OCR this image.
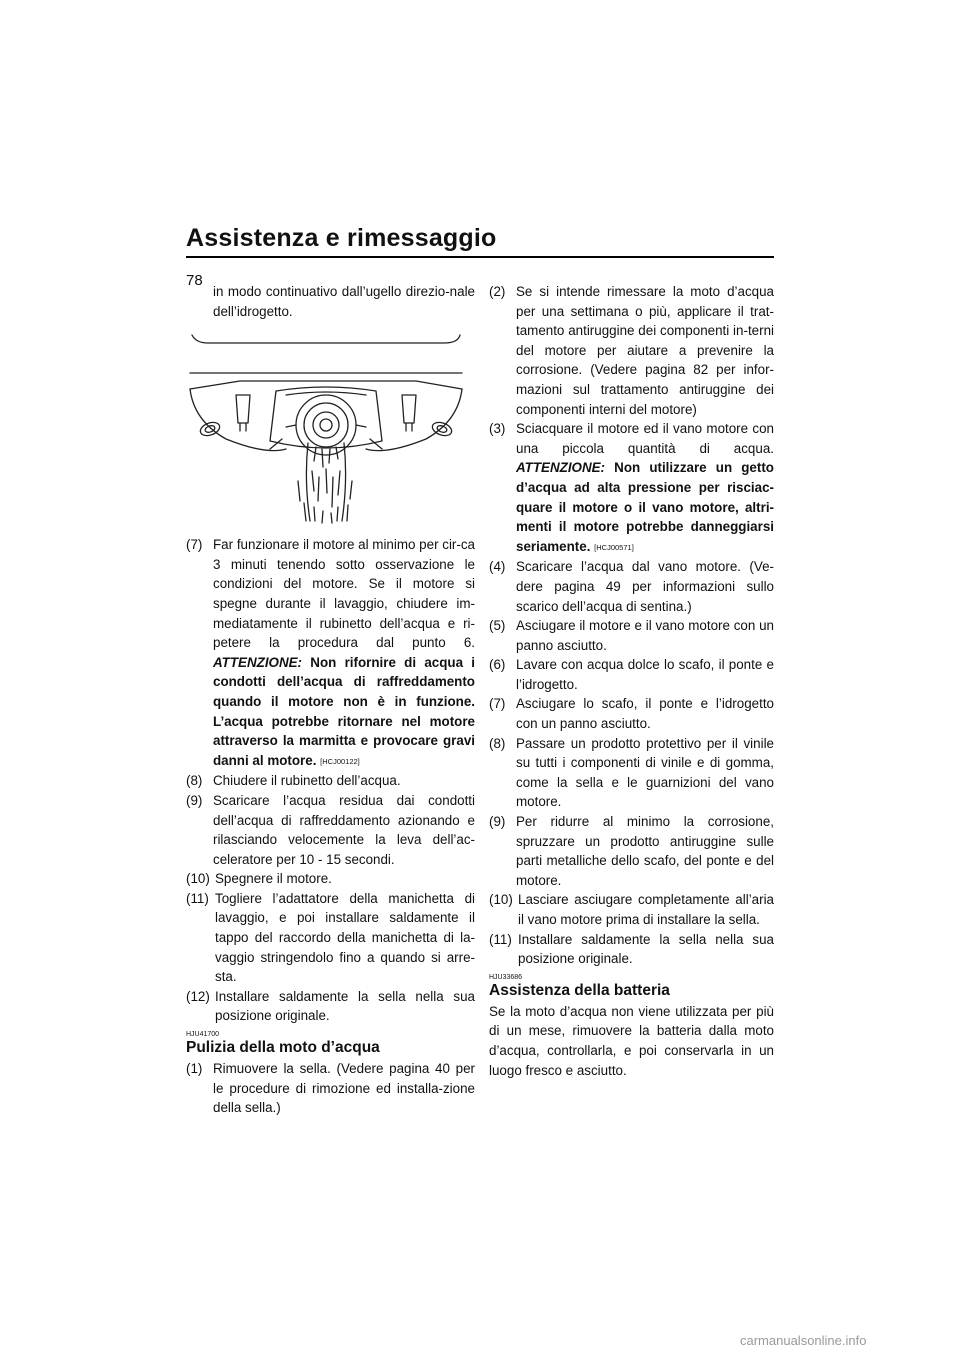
Assistenza e rimessaggio
78

in modo continuativo dall’ugello direzio-nale dell’idrogetto.

(7) Far funzionare il motore al minimo per cir-ca 3 minuti tenendo sotto osservazione le condizioni del motore. Se il motore si spegne durante il lavaggio, chiudere im-mediatamente il rubinetto dell’acqua e ri-petere la procedura dal punto 6. ATTENZIONE: Non rifornire di acqua i condotti dell’acqua di raffreddamento quando il motore non è in funzione. L’acqua potrebbe ritornare nel motore attraverso la marmitta e provocare gravi danni al motore. [HCJ00122]
(8) Chiudere il rubinetto dell’acqua.
(9) Scaricare l’acqua residua dai condotti dell’acqua di raffreddamento azionando e rilasciando velocemente la leva dell’ac-celeratore per 10 - 15 secondi.
(10) Spegnere il motore.
(11) Togliere l’adattatore della manichetta di lavaggio, e poi installare saldamente il tappo del raccordo della manichetta di la-vaggio stringendolo fino a quando si arre-sta.
(12) Installare saldamente la sella nella sua posizione originale.
HJU41700
Pulizia della moto d’acqua
(1) Rimuovere la sella. (Vedere pagina 40 per le procedure di rimozione ed installa-zione della sella.)
(2) Se si intende rimessare la moto d’acqua per una settimana o più, applicare il trat-tamento antiruggine dei componenti in-terni del motore per aiutare a prevenire la corrosione. (Vedere pagina 82 per infor-mazioni sul trattamento antiruggine dei componenti interni del motore)
(3) Sciacquare il motore ed il vano motore con una piccola quantità di acqua. ATTENZIONE: Non utilizzare un getto d’acqua ad alta pressione per risciac-quare il motore o il vano motore, altri-menti il motore potrebbe danneggiarsi seriamente. [HCJ00571]
(4) Scaricare l’acqua dal vano motore. (Ve-dere pagina 49 per informazioni sullo scarico dell’acqua di sentina.)
(5) Asciugare il motore e il vano motore con un panno asciutto.
(6) Lavare con acqua dolce lo scafo, il ponte e l’idrogetto.
(7) Asciugare lo scafo, il ponte e l’idrogetto con un panno asciutto.
(8) Passare un prodotto protettivo per il vinile su tutti i componenti di vinile e di gomma, come la sella e le guarnizioni del vano motore.
(9) Per ridurre al minimo la corrosione, spruzzare un prodotto antiruggine sulle parti metalliche dello scafo, del ponte e del motore.
(10) Lasciare asciugare completamente all’aria il vano motore prima di installare la sella.
(11) Installare saldamente la sella nella sua posizione originale.
HJU33686
Assistenza della batteria

Se la moto d’acqua non viene utilizzata per più di un mese, rimuovere la batteria dalla moto d’acqua, controllarla, e poi conservarla in un luogo fresco e asciutto.

carmanualsonline.info
